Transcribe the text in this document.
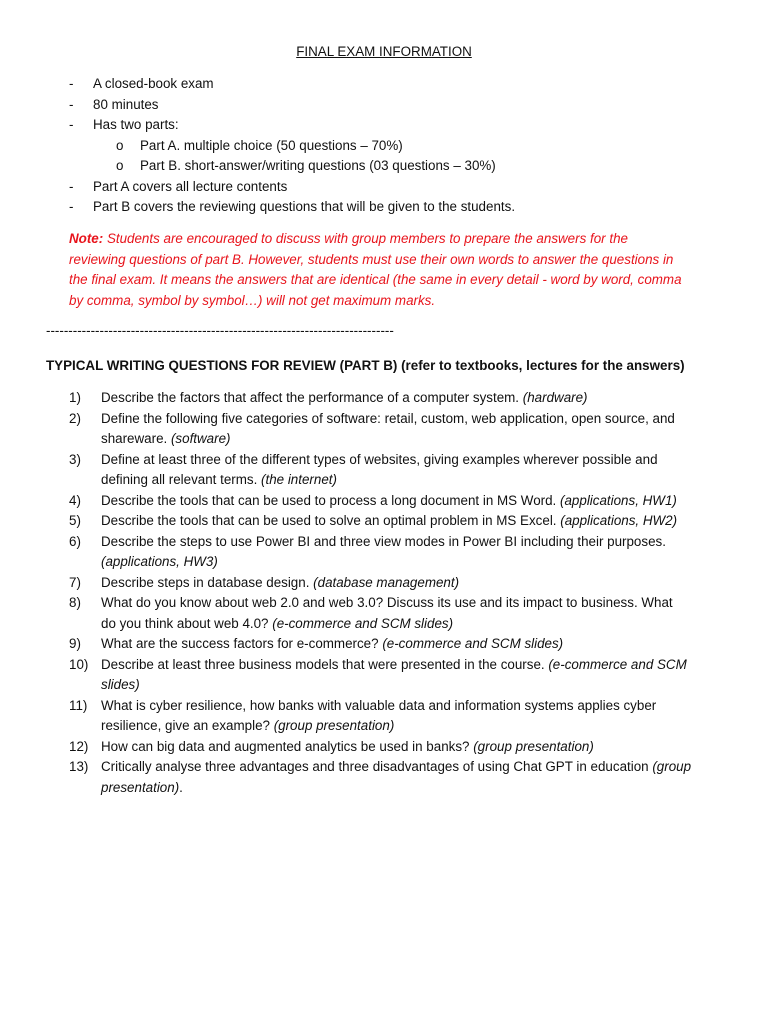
FINAL EXAM INFORMATION
- A closed-book exam
- 80 minutes
- Has two parts:
o Part A. multiple choice (50 questions – 70%)
o Part B. short-answer/writing questions (03 questions – 30%)
- Part A covers all lecture contents
- Part B covers the reviewing questions that will be given to the students.
Note: Students are encouraged to discuss with group members to prepare the answers for the
reviewing questions of part B. However, students must use their own words to answer the questions in
the final exam. It means the answers that are identical (the same in every detail - word by word, comma
by comma, symbol by symbol…) will not get maximum marks.
------------------------------------------------------------------------------
TYPICAL WRITING QUESTIONS FOR REVIEW (PART B) (refer to textbooks, lectures for the answers)
1) Describe the factors that affect the performance of a computer system. (hardware)
2) Define the following five categories of software: retail, custom, web application, open source, and
shareware. (software)
3) Define at least three of the different types of websites, giving examples wherever possible and
defining all relevant terms. (the internet)
4) Describe the tools that can be used to process a long document in MS Word. (applications, HW1)
5) Describe the tools that can be used to solve an optimal problem in MS Excel. (applications, HW2)
6) Describe the steps to use Power BI and three view modes in Power BI including their purposes.
(applications, HW3)
7) Describe steps in database design. (database management)
8) What do you know about web 2.0 and web 3.0? Discuss its use and its impact to business. What
do you think about web 4.0? (e-commerce and SCM slides)
9) What are the success factors for e-commerce? (e-commerce and SCM slides)
10) Describe at least three business models that were presented in the course. (e-commerce and SCM
slides)
11) What is cyber resilience, how banks with valuable data and information systems applies cyber
resilience, give an example? (group presentation)
12) How can big data and augmented analytics be used in banks? (group presentation)
13) Critically analyse three advantages and three disadvantages of using Chat GPT in education (group
presentation).
